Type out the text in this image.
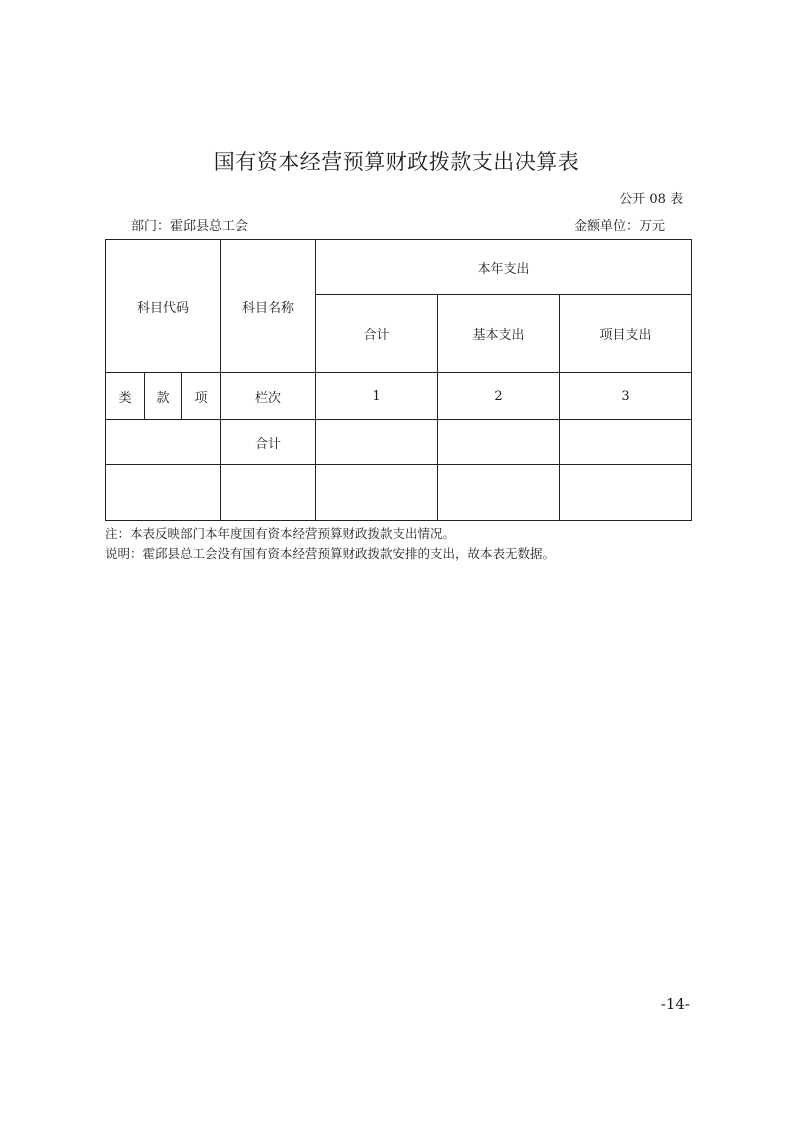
国有资本经营预算财政拨款支出决算表
公开 08 表
部门：霍邱县总工会	金额单位：万元
科目代码			科目名称	本年支出		
				合计	基本支出	项目支出
类	款	项	栏次	1	2	3
			合计			

注：本表反映部门本年度国有资本经营预算财政拨款支出情况。
说明：霍邱县总工会没有国有资本经营预算财政拨款安排的支出，故本表无数据。
-14-
